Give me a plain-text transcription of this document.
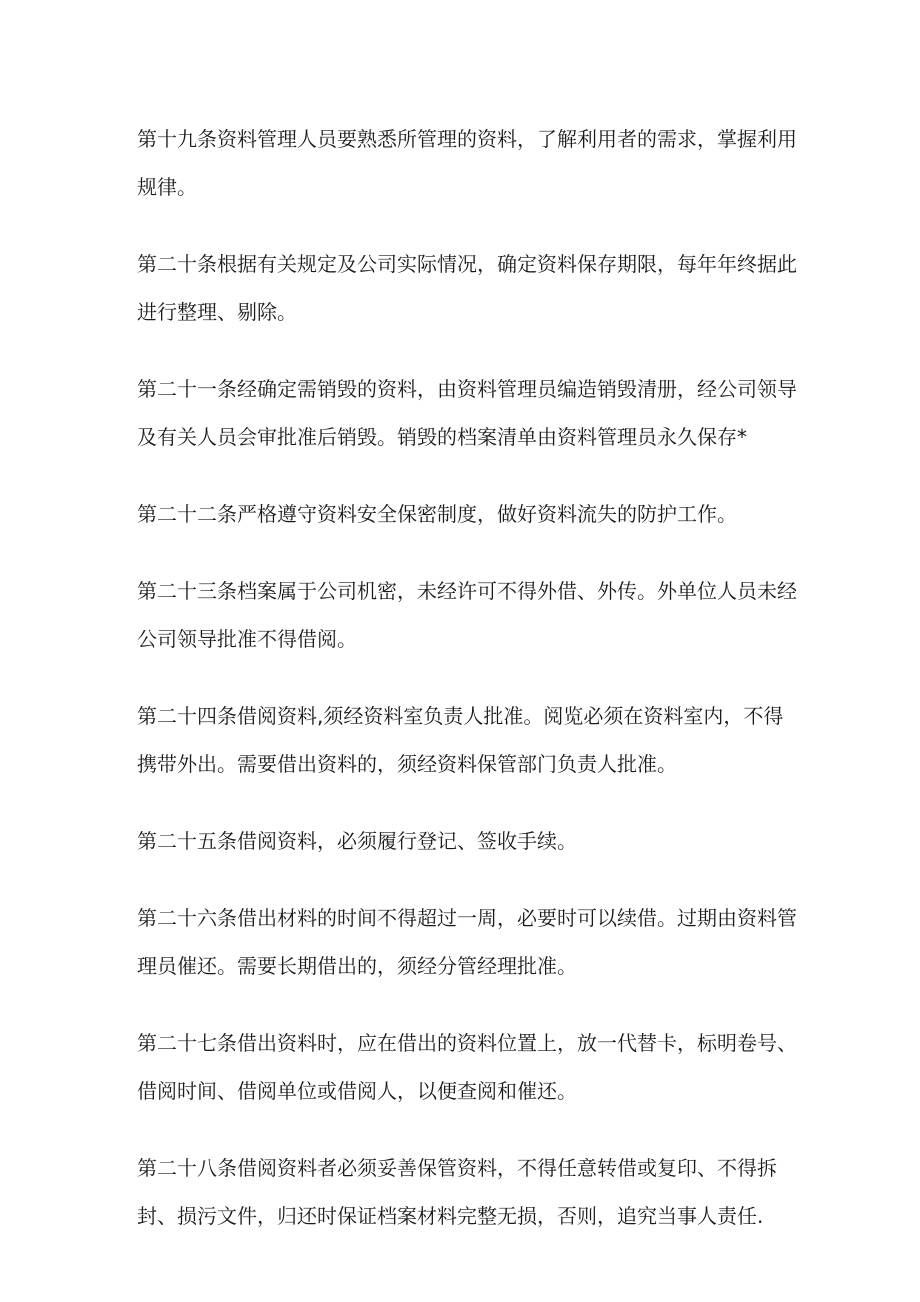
第十九条资料管理人员要熟悉所管理的资料，了解利用者的需求，掌握利用规律。

第二十条根据有关规定及公司实际情况，确定资料保存期限，每年年终据此进行整理、剔除。

第二十一条经确定需销毁的资料，由资料管理员编造销毁清册，经公司领导及有关人员会审批准后销毁。销毁的档案清单由资料管理员永久保存*

第二十二条严格遵守资料安全保密制度，做好资料流失的防护工作。

第二十三条档案属于公司机密，未经许可不得外借、外传。外单位人员未经公司领导批准不得借阅。

第二十四条借阅资料,须经资料室负责人批准。阅览必须在资料室内，不得携带外出。需要借出资料的，须经资料保管部门负责人批准。

第二十五条借阅资料，必须履行登记、签收手续。

第二十六条借出材料的时间不得超过一周，必要时可以续借。过期由资料管理员催还。需要长期借出的，须经分管经理批准。

第二十七条借出资料时，应在借出的资料位置上，放一代替卡，标明卷号、借阅时间、借阅单位或借阅人，以便查阅和催还。

第二十八条借阅资料者必须妥善保管资料，不得任意转借或复印、不得拆封、损污文件，归还时保证档案材料完整无损，否则，追究当事人责任.
